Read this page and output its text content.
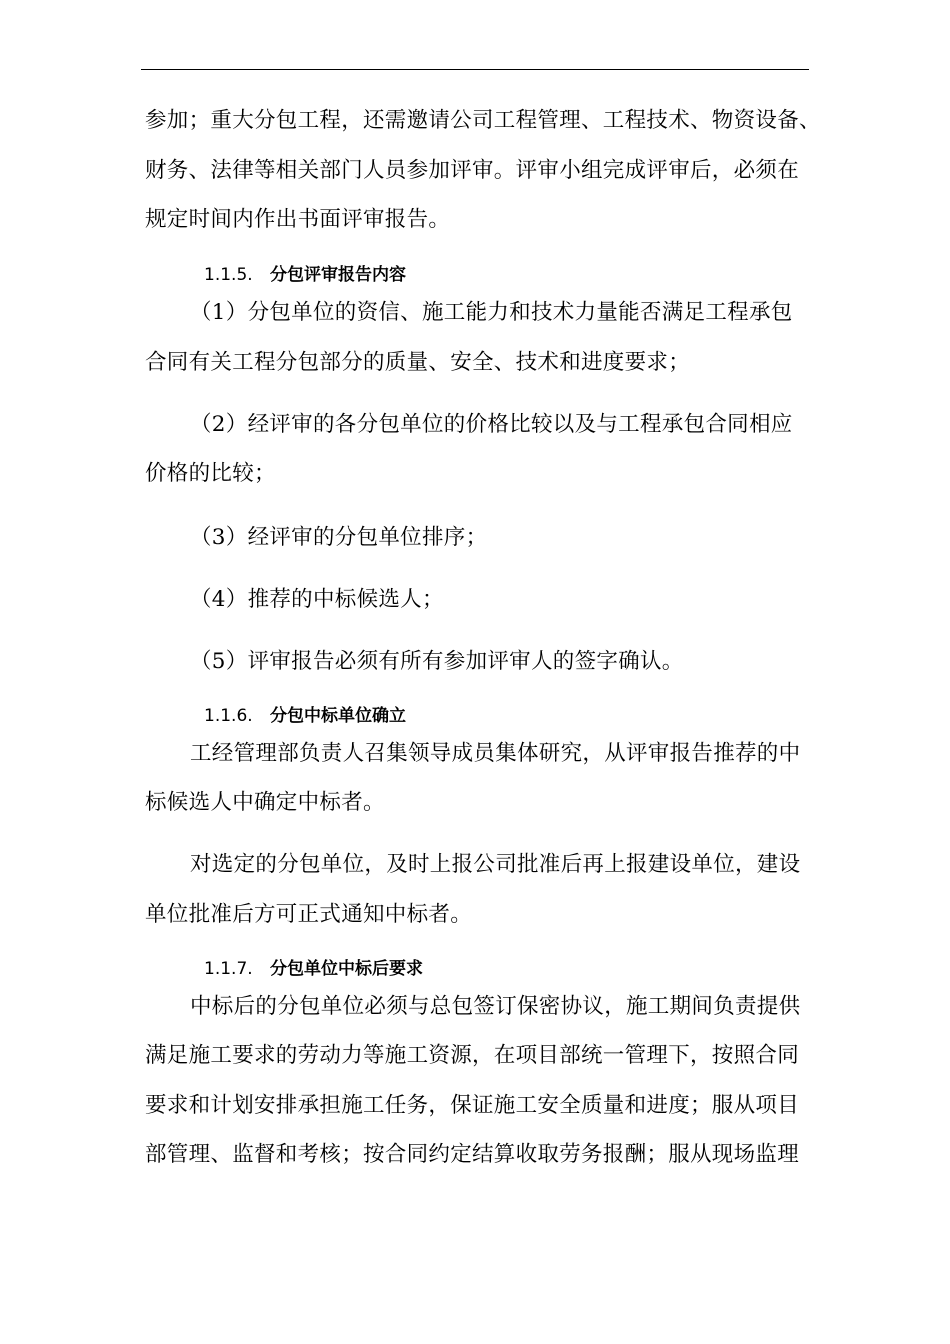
参加；重大分包工程，还需邀请公司工程管理、工程技术、物资设备、
财务、法律等相关部门人员参加评审。评审小组完成评审后，必须在
规定时间内作出书面评审报告。
1.1.5. 分包评审报告内容
（1）分包单位的资信、施工能力和技术力量能否满足工程承包
合同有关工程分包部分的质量、安全、技术和进度要求；
（2）经评审的各分包单位的价格比较以及与工程承包合同相应
价格的比较；
（3）经评审的分包单位排序；
（4）推荐的中标候选人；
（5）评审报告必须有所有参加评审人的签字确认。
1.1.6. 分包中标单位确立
工经管理部负责人召集领导成员集体研究，从评审报告推荐的中
标候选人中确定中标者。
对选定的分包单位，及时上报公司批准后再上报建设单位，建设
单位批准后方可正式通知中标者。
1.1.7. 分包单位中标后要求
中标后的分包单位必须与总包签订保密协议，施工期间负责提供
满足施工要求的劳动力等施工资源，在项目部统一管理下，按照合同
要求和计划安排承担施工任务，保证施工安全质量和进度；服从项目
部管理、监督和考核；按合同约定结算收取劳务报酬；服从现场监理
